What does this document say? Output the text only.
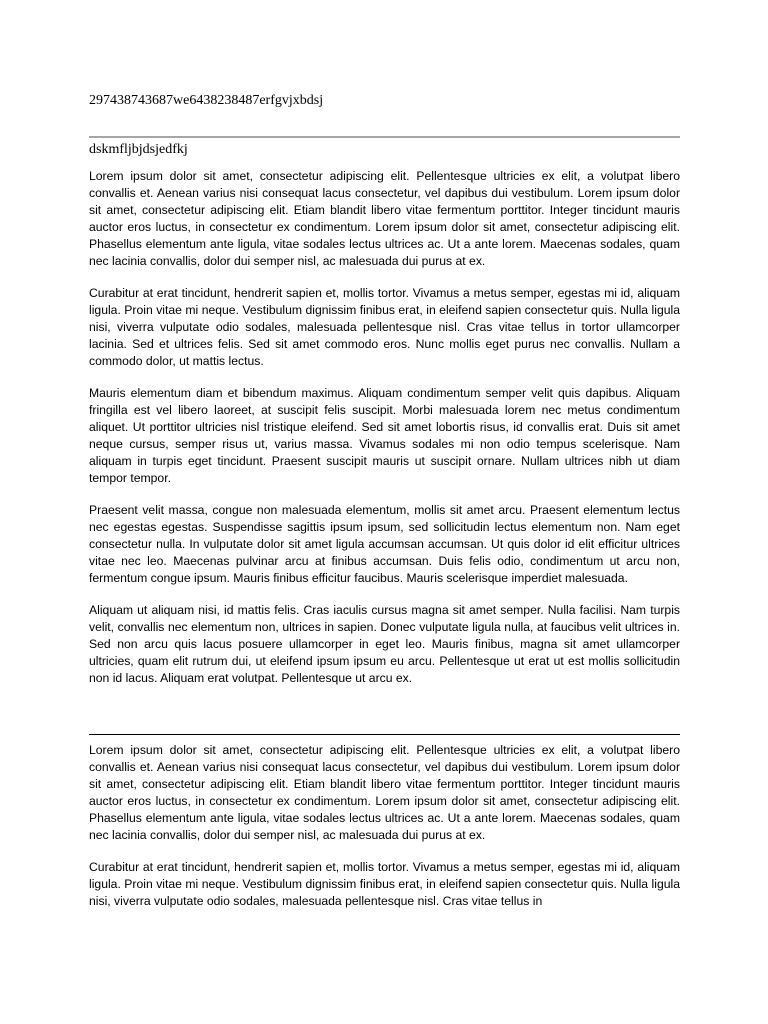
297438743687we6438238487erfgvjxbdsj
dskmfljbjdsjedfkj

Lorem ipsum dolor sit amet, consectetur adipiscing elit. Pellentesque ultricies ex elit, a volutpat libero convallis et. Aenean varius nisi consequat lacus consectetur, vel dapibus dui vestibulum. Lorem ipsum dolor sit amet, consectetur adipiscing elit. Etiam blandit libero vitae fermentum porttitor. Integer tincidunt mauris auctor eros luctus, in consectetur ex condimentum. Lorem ipsum dolor sit amet, consectetur adipiscing elit. Phasellus elementum ante ligula, vitae sodales lectus ultrices ac. Ut a ante lorem. Maecenas sodales, quam nec lacinia convallis, dolor dui semper nisl, ac malesuada dui purus at ex.

Curabitur at erat tincidunt, hendrerit sapien et, mollis tortor. Vivamus a metus semper, egestas mi id, aliquam ligula. Proin vitae mi neque. Vestibulum dignissim finibus erat, in eleifend sapien consectetur quis. Nulla ligula nisi, viverra vulputate odio sodales, malesuada pellentesque nisl. Cras vitae tellus in tortor ullamcorper lacinia. Sed et ultrices felis. Sed sit amet commodo eros. Nunc mollis eget purus nec convallis. Nullam a commodo dolor, ut mattis lectus.

Mauris elementum diam et bibendum maximus. Aliquam condimentum semper velit quis dapibus. Aliquam fringilla est vel libero laoreet, at suscipit felis suscipit. Morbi malesuada lorem nec metus condimentum aliquet. Ut porttitor ultricies nisl tristique eleifend. Sed sit amet lobortis risus, id convallis erat. Duis sit amet neque cursus, semper risus ut, varius massa. Vivamus sodales mi non odio tempus scelerisque. Nam aliquam in turpis eget tincidunt. Praesent suscipit mauris ut suscipit ornare. Nullam ultrices nibh ut diam tempor tempor.

Praesent velit massa, congue non malesuada elementum, mollis sit amet arcu. Praesent elementum lectus nec egestas egestas. Suspendisse sagittis ipsum ipsum, sed sollicitudin lectus elementum non. Nam eget consectetur nulla. In vulputate dolor sit amet ligula accumsan accumsan. Ut quis dolor id elit efficitur ultrices vitae nec leo. Maecenas pulvinar arcu at finibus accumsan. Duis felis odio, condimentum ut arcu non, fermentum congue ipsum. Mauris finibus efficitur faucibus. Mauris scelerisque imperdiet malesuada.

Aliquam ut aliquam nisi, id mattis felis. Cras iaculis cursus magna sit amet semper. Nulla facilisi. Nam turpis velit, convallis nec elementum non, ultrices in sapien. Donec vulputate ligula nulla, at faucibus velit ultrices in. Sed non arcu quis lacus posuere ullamcorper in eget leo. Mauris finibus, magna sit amet ullamcorper ultricies, quam elit rutrum dui, ut eleifend ipsum ipsum eu arcu. Pellentesque ut erat ut est mollis sollicitudin non id lacus. Aliquam erat volutpat. Pellentesque ut arcu ex.

Lorem ipsum dolor sit amet, consectetur adipiscing elit. Pellentesque ultricies ex elit, a volutpat libero convallis et. Aenean varius nisi consequat lacus consectetur, vel dapibus dui vestibulum. Lorem ipsum dolor sit amet, consectetur adipiscing elit. Etiam blandit libero vitae fermentum porttitor. Integer tincidunt mauris auctor eros luctus, in consectetur ex condimentum. Lorem ipsum dolor sit amet, consectetur adipiscing elit. Phasellus elementum ante ligula, vitae sodales lectus ultrices ac. Ut a ante lorem. Maecenas sodales, quam nec lacinia convallis, dolor dui semper nisl, ac malesuada dui purus at ex.

Curabitur at erat tincidunt, hendrerit sapien et, mollis tortor. Vivamus a metus semper, egestas mi id, aliquam ligula. Proin vitae mi neque. Vestibulum dignissim finibus erat, in eleifend sapien consectetur quis. Nulla ligula nisi, viverra vulputate odio sodales, malesuada pellentesque nisl. Cras vitae tellus in
